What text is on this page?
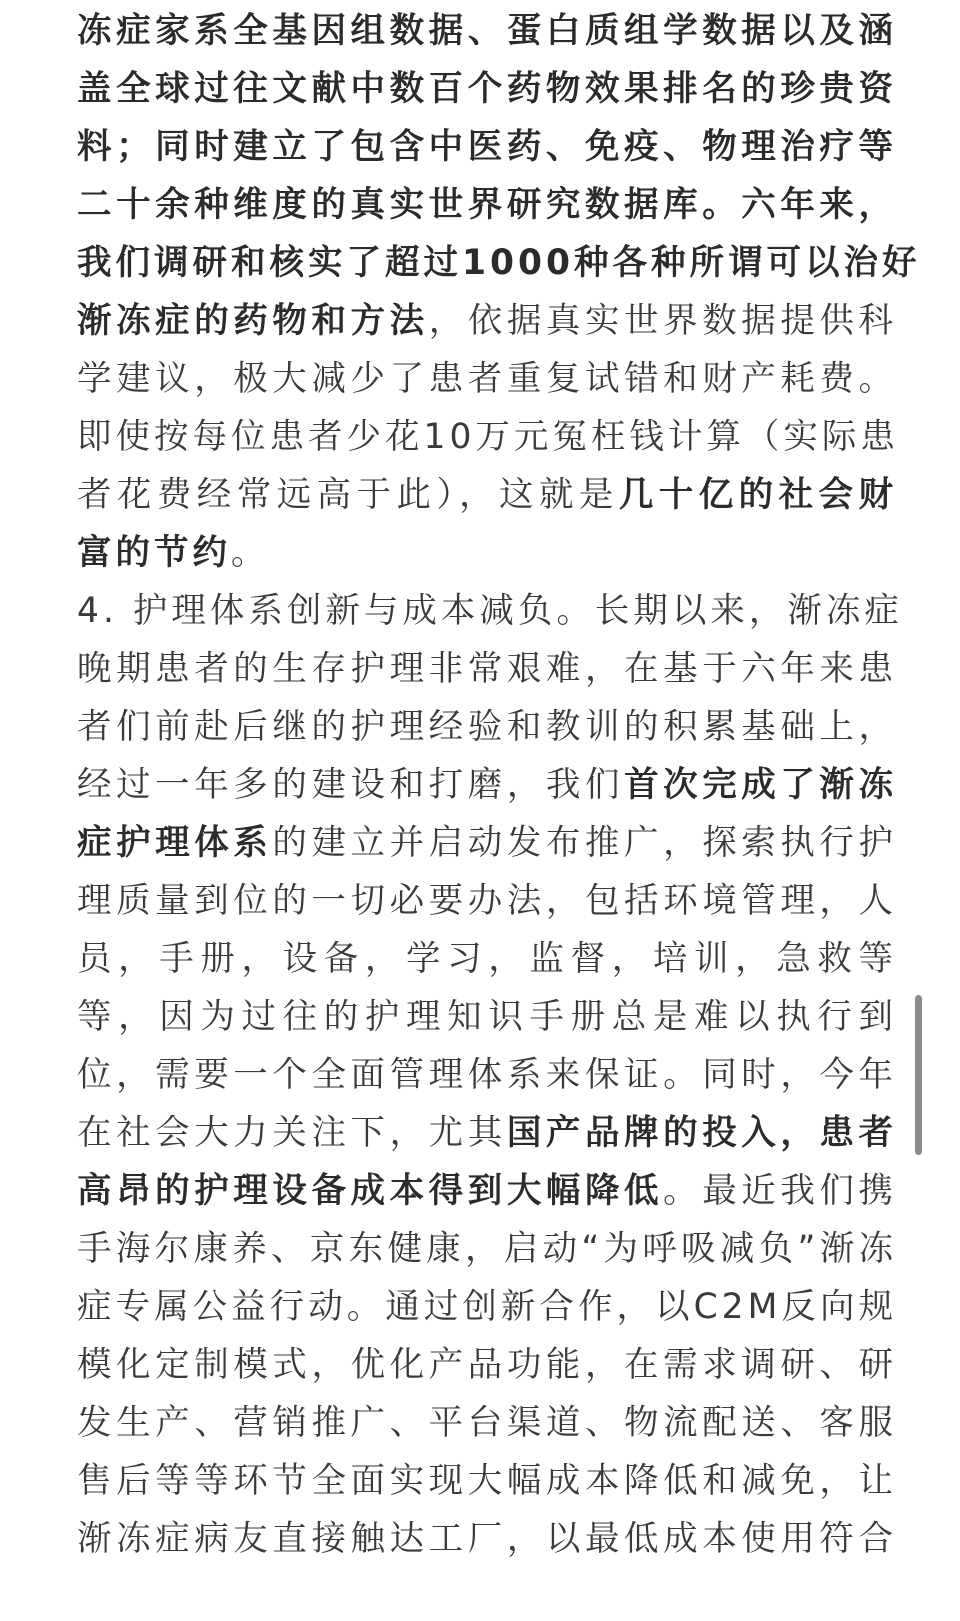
冻症家系全基因组数据、蛋白质组学数据以及涵
盖全球过往文献中数百个药物效果排名的珍贵资
料；同时建立了包含中医药、免疫、物理治疗等
二十余种维度的真实世界研究数据库。六年来，
我们调研和核实了超过1000种各种所谓可以治好
渐冻症的药物和方法，依据真实世界数据提供科
学建议，极大减少了患者重复试错和财产耗费。
即使按每位患者少花10万元冤枉钱计算（实际患
者花费经常远高于此），这就是几十亿的社会财
富的节约。
4. 护理体系创新与成本减负。长期以来，渐冻症
晚期患者的生存护理非常艰难，在基于六年来患
者们前赴后继的护理经验和教训的积累基础上，
经过一年多的建设和打磨，我们首次完成了渐冻
症护理体系的建立并启动发布推广，探索执行护
理质量到位的一切必要办法，包括环境管理，人
员，手册，设备，学习，监督，培训，急救等
等，因为过往的护理知识手册总是难以执行到
位，需要一个全面管理体系来保证。同时，今年
在社会大力关注下，尤其国产品牌的投入，患者
高昂的护理设备成本得到大幅降低。最近我们携
手海尔康养、京东健康，启动“为呼吸减负”渐冻
症专属公益行动。通过创新合作，以C2M反向规
模化定制模式，优化产品功能，在需求调研、研
发生产、营销推广、平台渠道、物流配送、客服
售后等等环节全面实现大幅成本降低和减免，让
渐冻症病友直接触达工厂，以最低成本使用符合
